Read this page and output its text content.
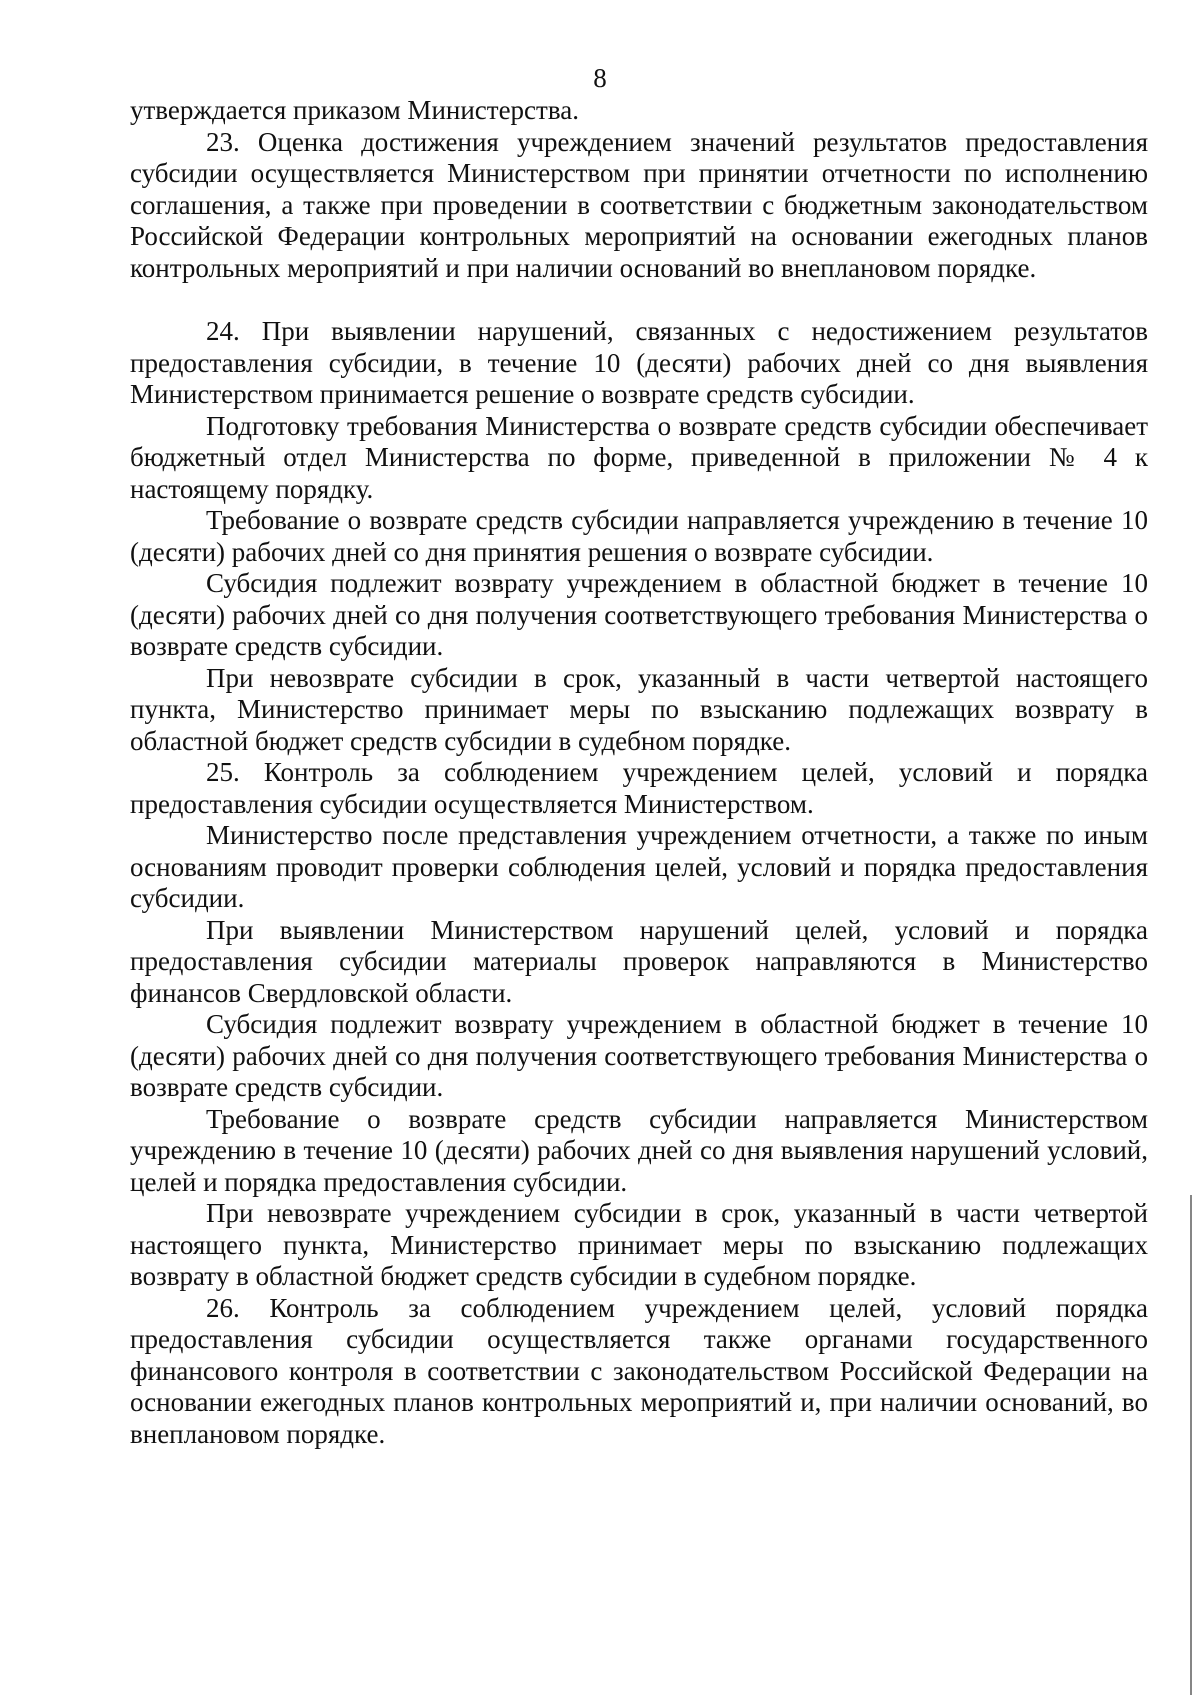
8

утверждается приказом Министерства.

23. Оценка достижения учреждением значений результатов предоставления субсидии осуществляется Министерством при принятии отчетности по исполнению соглашения, а также при проведении в соответствии с бюджетным законодательством Российской Федерации контрольных мероприятий на основании ежегодных планов контрольных мероприятий и при наличии оснований во внеплановом порядке.

24. При выявлении нарушений, связанных с недостижением результатов предоставления субсидии, в течение 10 (десяти) рабочих дней со дня выявления Министерством принимается решение о возврате средств субсидии.

Подготовку требования Министерства о возврате средств субсидии обеспечивает бюджетный отдел Министерства по форме, приведенной в приложении № 4 к настоящему порядку.

Требование о возврате средств субсидии направляется учреждению в течение 10 (десяти) рабочих дней со дня принятия решения о возврате субсидии.

Субсидия подлежит возврату учреждением в областной бюджет в течение 10 (десяти) рабочих дней со дня получения соответствующего требования Министерства о возврате средств субсидии.

При невозврате субсидии в срок, указанный в части четвертой настоящего пункта, Министерство принимает меры по взысканию подлежащих возврату в областной бюджет средств субсидии в судебном порядке.

25. Контроль за соблюдением учреждением целей, условий и порядка предоставления субсидии осуществляется Министерством.

Министерство после представления учреждением отчетности, а также по иным основаниям проводит проверки соблюдения целей, условий и порядка предоставления субсидии.

При выявлении Министерством нарушений целей, условий и порядка предоставления субсидии материалы проверок направляются в Министерство финансов Свердловской области.

Субсидия подлежит возврату учреждением в областной бюджет в течение 10 (десяти) рабочих дней со дня получения соответствующего требования Министерства о возврате средств субсидии.

Требование о возврате средств субсидии направляется Министерством учреждению в течение 10 (десяти) рабочих дней со дня выявления нарушений условий, целей и порядка предоставления субсидии.

При невозврате учреждением субсидии в срок, указанный в части четвертой настоящего пункта, Министерство принимает меры по взысканию подлежащих возврату в областной бюджет средств субсидии в судебном порядке.

26. Контроль за соблюдением учреждением целей, условий порядка предоставления субсидии осуществляется также органами государственного финансового контроля в соответствии с законодательством Российской Федерации на основании ежегодных планов контрольных мероприятий и, при наличии оснований, во внеплановом порядке.
